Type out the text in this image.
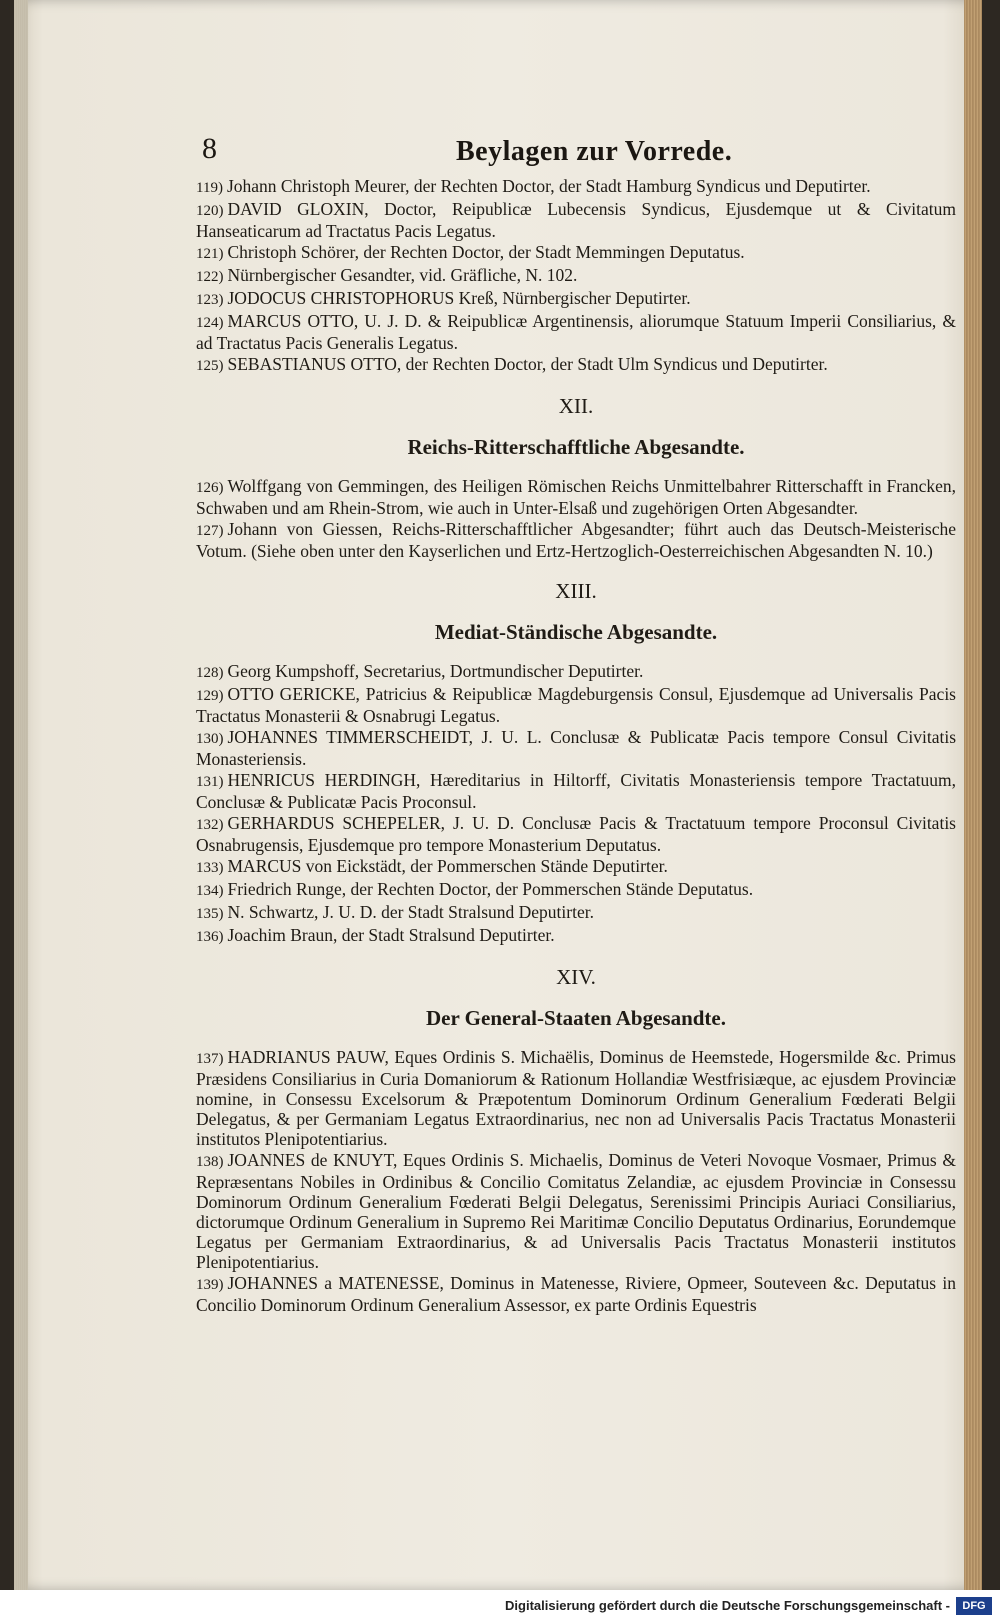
8	Beylagen zur Vorrede.

119) Johann Christoph Meurer, der Rechten Doctor, der Stadt Hamburg Syndicus und Deputirter.

120) DAVID GLOXIN, Doctor, Reipublicæ Lubecensis Syndicus, Ejusdemque ut & Civitatum Hanseaticarum ad Tractatus Pacis Legatus.

121) Christoph Schörer, der Rechten Doctor, der Stadt Memmingen Deputatus.

122) Nürnbergischer Gesandter, vid. Gräfliche, N. 102.

123) JODOCUS CHRISTOPHORUS Kreß, Nürnbergischer Deputirter.

124) MARCUS OTTO, U. J. D. & Reipublicæ Argentinensis, aliorumque Statuum Imperii Consiliarius, & ad Tractatus Pacis Generalis Legatus.

125) SEBASTIANUS OTTO, der Rechten Doctor, der Stadt Ulm Syndicus und Deputirter.

XII.
Reichs-Ritterschafftliche Abgesandte.

126) Wolffgang von Gemmingen, des Heiligen Römischen Reichs Unmittelbahrer Ritterschafft in Francken, Schwaben und am Rhein-Strom, wie auch in Unter-Elsaß und zugehörigen Orten Abgesandter.

127) Johann von Giessen, Reichs-Ritterschafftlicher Abgesandter; führt auch das Deutsch-Meisterische Votum. (Siehe oben unter den Kayserlichen und Ertz-Hertzoglich-Oesterreichischen Abgesandten N. 10.)

XIII.
Mediat-Ständische Abgesandte.

128) Georg Kumpshoff, Secretarius, Dortmundischer Deputirter.

129) OTTO GERICKE, Patricius & Reipublicæ Magdeburgensis Consul, Ejusdemque ad Universalis Pacis Tractatus Monasterii & Osnabrugi Legatus.

130) JOHANNES TIMMERSCHEIDT, J. U. L. Conclusæ & Publicatæ Pacis tempore Consul Civitatis Monasteriensis.

131) HENRICUS HERDINGH, Hæreditarius in Hiltorff, Civitatis Monasteriensis tempore Tractatuum, Conclusæ & Publicatæ Pacis Proconsul.

132) GERHARDUS SCHEPELER, J. U. D. Conclusæ Pacis & Tractatuum tempore Proconsul Civitatis Osnabrugensis, Ejusdemque pro tempore Monasterium Deputatus.

133) MARCUS von Eickstädt, der Pommerschen Stände Deputirter.

134) Friedrich Runge, der Rechten Doctor, der Pommerschen Stände Deputatus.

135) N. Schwartz, J. U. D. der Stadt Stralsund Deputirter.

136) Joachim Braun, der Stadt Stralsund Deputirter.

XIV.
Der General-Staaten Abgesandte.

137) HADRIANUS PAUW, Eques Ordinis S. Michaëlis, Dominus de Heemstede, Hogersmilde &c. Primus Præsidens Consiliarius in Curia Domaniorum & Rationum Hollandiæ Westfrisiæque, ac ejusdem Provinciæ nomine, in Consessu Excelsorum & Præpotentum Dominorum Ordinum Generalium Fœderati Belgii Delegatus, & per Germaniam Legatus Extraordinarius, nec non ad Universalis Pacis Tractatus Monasterii institutos Plenipotentiarius.

138) JOANNES de KNUYT, Eques Ordinis S. Michaelis, Dominus de Veteri Novoque Vosmaer, Primus & Repræsentans Nobiles in Ordinibus & Concilio Comitatus Zelandiæ, ac ejusdem Provinciæ in Consessu Dominorum Ordinum Generalium Fœderati Belgii Delegatus, Serenissimi Principis Auriaci Consiliarius, dictorumque Ordinum Generalium in Supremo Rei Maritimæ Concilio Deputatus Ordinarius, Eorundemque Legatus per Germaniam Extraordinarius, & ad Universalis Pacis Tractatus Monasterii institutos Plenipotentiarius.

139) JOHANNES a MATENESSE, Dominus in Matenesse, Riviere, Opmeer, Souteveen &c. Deputatus in Concilio Dominorum Ordinum Generalium Assessor, ex parte Ordinis Equestris

Digitalisierung gefördert durch die Deutsche Forschungsgemeinschaft -	DFG
